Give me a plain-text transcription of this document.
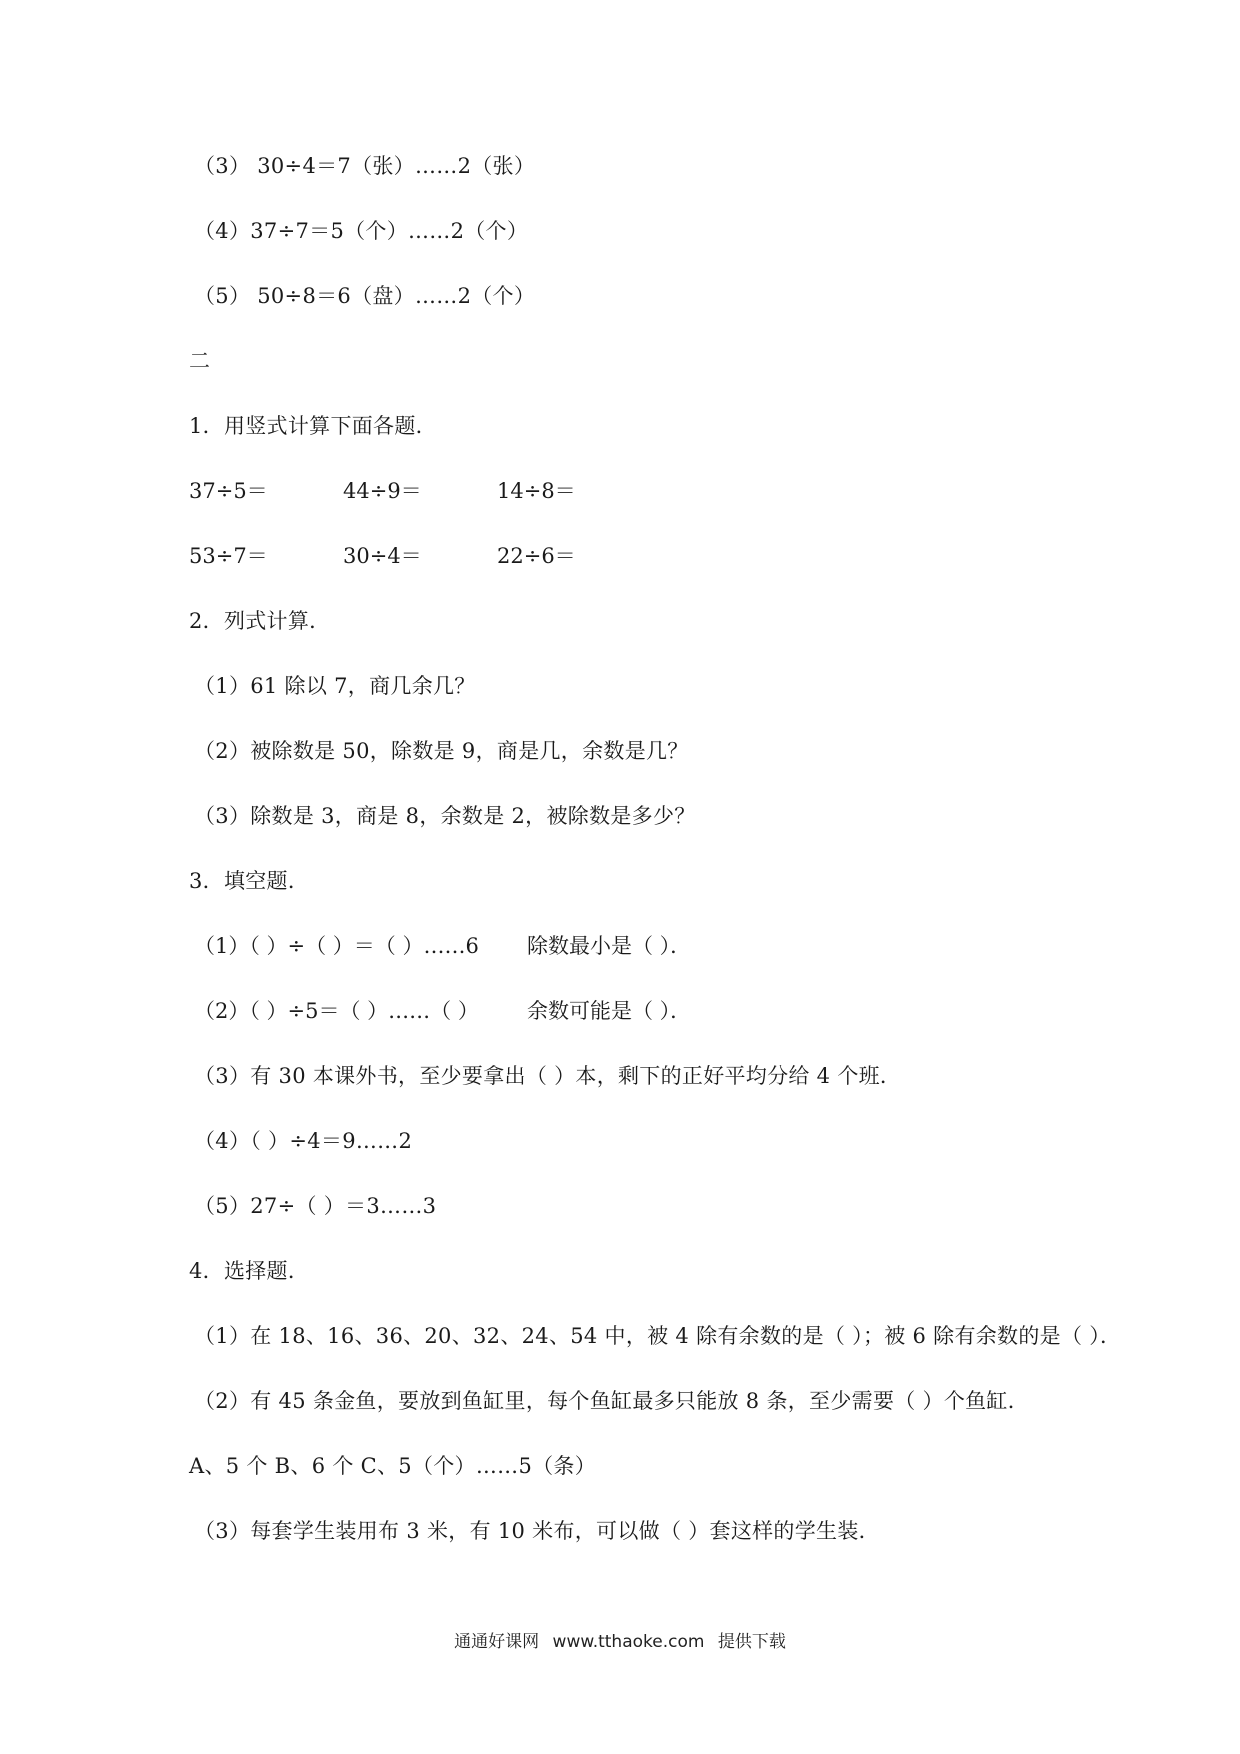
（3） 30÷4＝7（张）……2（张）
（4）37÷7＝5（个）……2（个）
（5） 50÷8＝6（盘）……2（个）
二
1．用竖式计算下面各题．
37÷5＝	44÷9＝	14÷8＝
53÷7＝	30÷4＝	22÷6＝
2．列式计算．
（1）61 除以 7，商几余几？
（2）被除数是 50，除数是 9，商是几，余数是几？
（3）除数是 3，商是 8，余数是 2，被除数是多少？
3．填空题．
（1）（ ）÷（ ）＝（ ）……6 除数最小是（ ）．
（2）（ ）÷5＝（ ）……（ ） 余数可能是（ ）．
（3）有 30 本课外书，至少要拿出（ ）本，剩下的正好平均分给 4 个班．
（4）（ ）÷4＝9……2
（5）27÷（ ）＝3……3
4．选择题．
（1）在 18、16、36、20、32、24、54 中，被 4 除有余数的是（ ）；被 6 除有余数的是（ ）．
（2）有 45 条金鱼，要放到鱼缸里，每个鱼缸最多只能放 8 条，至少需要（ ）个鱼缸．
A、5 个 B、6 个 C、5（个）……5（条）
（3）每套学生装用布 3 米，有 10 米布，可以做（ ）套这样的学生装．
通通好课网 www.tthaoke.com 提供下载
